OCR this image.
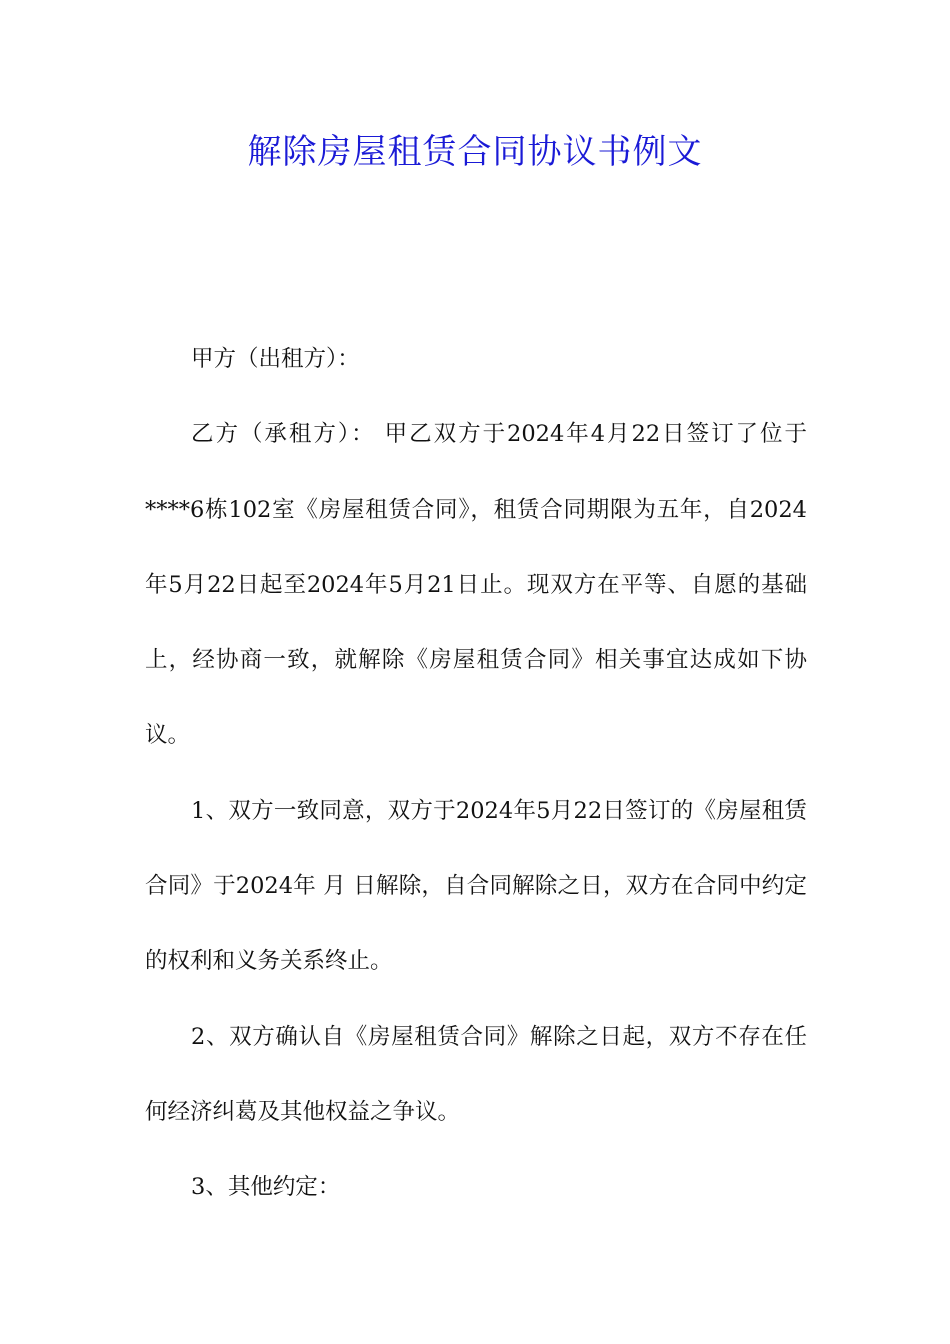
解除房屋租赁合同协议书例文

甲方（出租方）：

乙方（承租方）： 甲乙双方于2024年4月22日签订了位于****6栋102室《房屋租赁合同》，租赁合同期限为五年，自2024年5月22日起至2024年5月21日止。现双方在平等、自愿的基础上，经协商一致，就解除《房屋租赁合同》相关事宜达成如下协议。

1、双方一致同意，双方于2024年5月22日签订的《房屋租赁合同》于2024年 月 日解除，自合同解除之日，双方在合同中约定的权利和义务关系终止。

2、双方确认自《房屋租赁合同》解除之日起，双方不存在任何经济纠葛及其他权益之争议。

3、其他约定：
